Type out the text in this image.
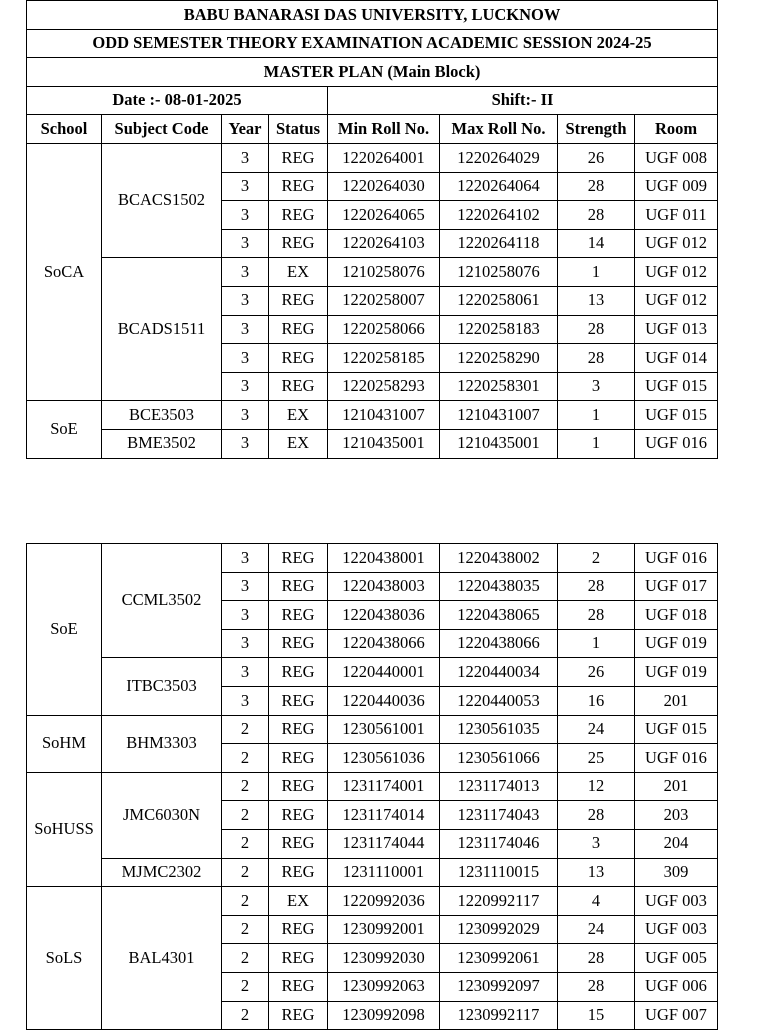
BABU BANARASI DAS UNIVERSITY, LUCKNOW							
ODD SEMESTER THEORY EXAMINATION ACADEMIC SESSION 2024-25							
MASTER PLAN (Main Block)							
Date :- 08-01-2025				Shift:- II			
School	Subject Code	Year	Status	Min Roll No.	Max Roll No.	Strength	Room
SoCA	BCACS1502	3	REG	1220264001	1220264029	26	UGF 008
		3	REG	1220264030	1220264064	28	UGF 009
		3	REG	1220264065	1220264102	28	UGF 011
		3	REG	1220264103	1220264118	14	UGF 012
	BCADS1511	3	EX	1210258076	1210258076	1	UGF 012
		3	REG	1220258007	1220258061	13	UGF 012
		3	REG	1220258066	1220258183	28	UGF 013
		3	REG	1220258185	1220258290	28	UGF 014
		3	REG	1220258293	1220258301	3	UGF 015
SoE	BCE3503	3	EX	1210431007	1210431007	1	UGF 015
	BME3502	3	EX	1210435001	1210435001	1	UGF 016
SoE	CCML3502	3	REG	1220438001	1220438002	2	UGF 016
		3	REG	1220438003	1220438035	28	UGF 017
		3	REG	1220438036	1220438065	28	UGF 018
		3	REG	1220438066	1220438066	1	UGF 019
	ITBC3503	3	REG	1220440001	1220440034	26	UGF 019
		3	REG	1220440036	1220440053	16	201
SoHM	BHM3303	2	REG	1230561001	1230561035	24	UGF 015
		2	REG	1230561036	1230561066	25	UGF 016
SoHUSS	JMC6030N	2	REG	1231174001	1231174013	12	201
		2	REG	1231174014	1231174043	28	203
		2	REG	1231174044	1231174046	3	204
	MJMC2302	2	REG	1231110001	1231110015	13	309
SoLS	BAL4301	2	EX	1220992036	1220992117	4	UGF 003
		2	REG	1230992001	1230992029	24	UGF 003
		2	REG	1230992030	1230992061	28	UGF 005
		2	REG	1230992063	1230992097	28	UGF 006
		2	REG	1230992098	1230992117	15	UGF 007
